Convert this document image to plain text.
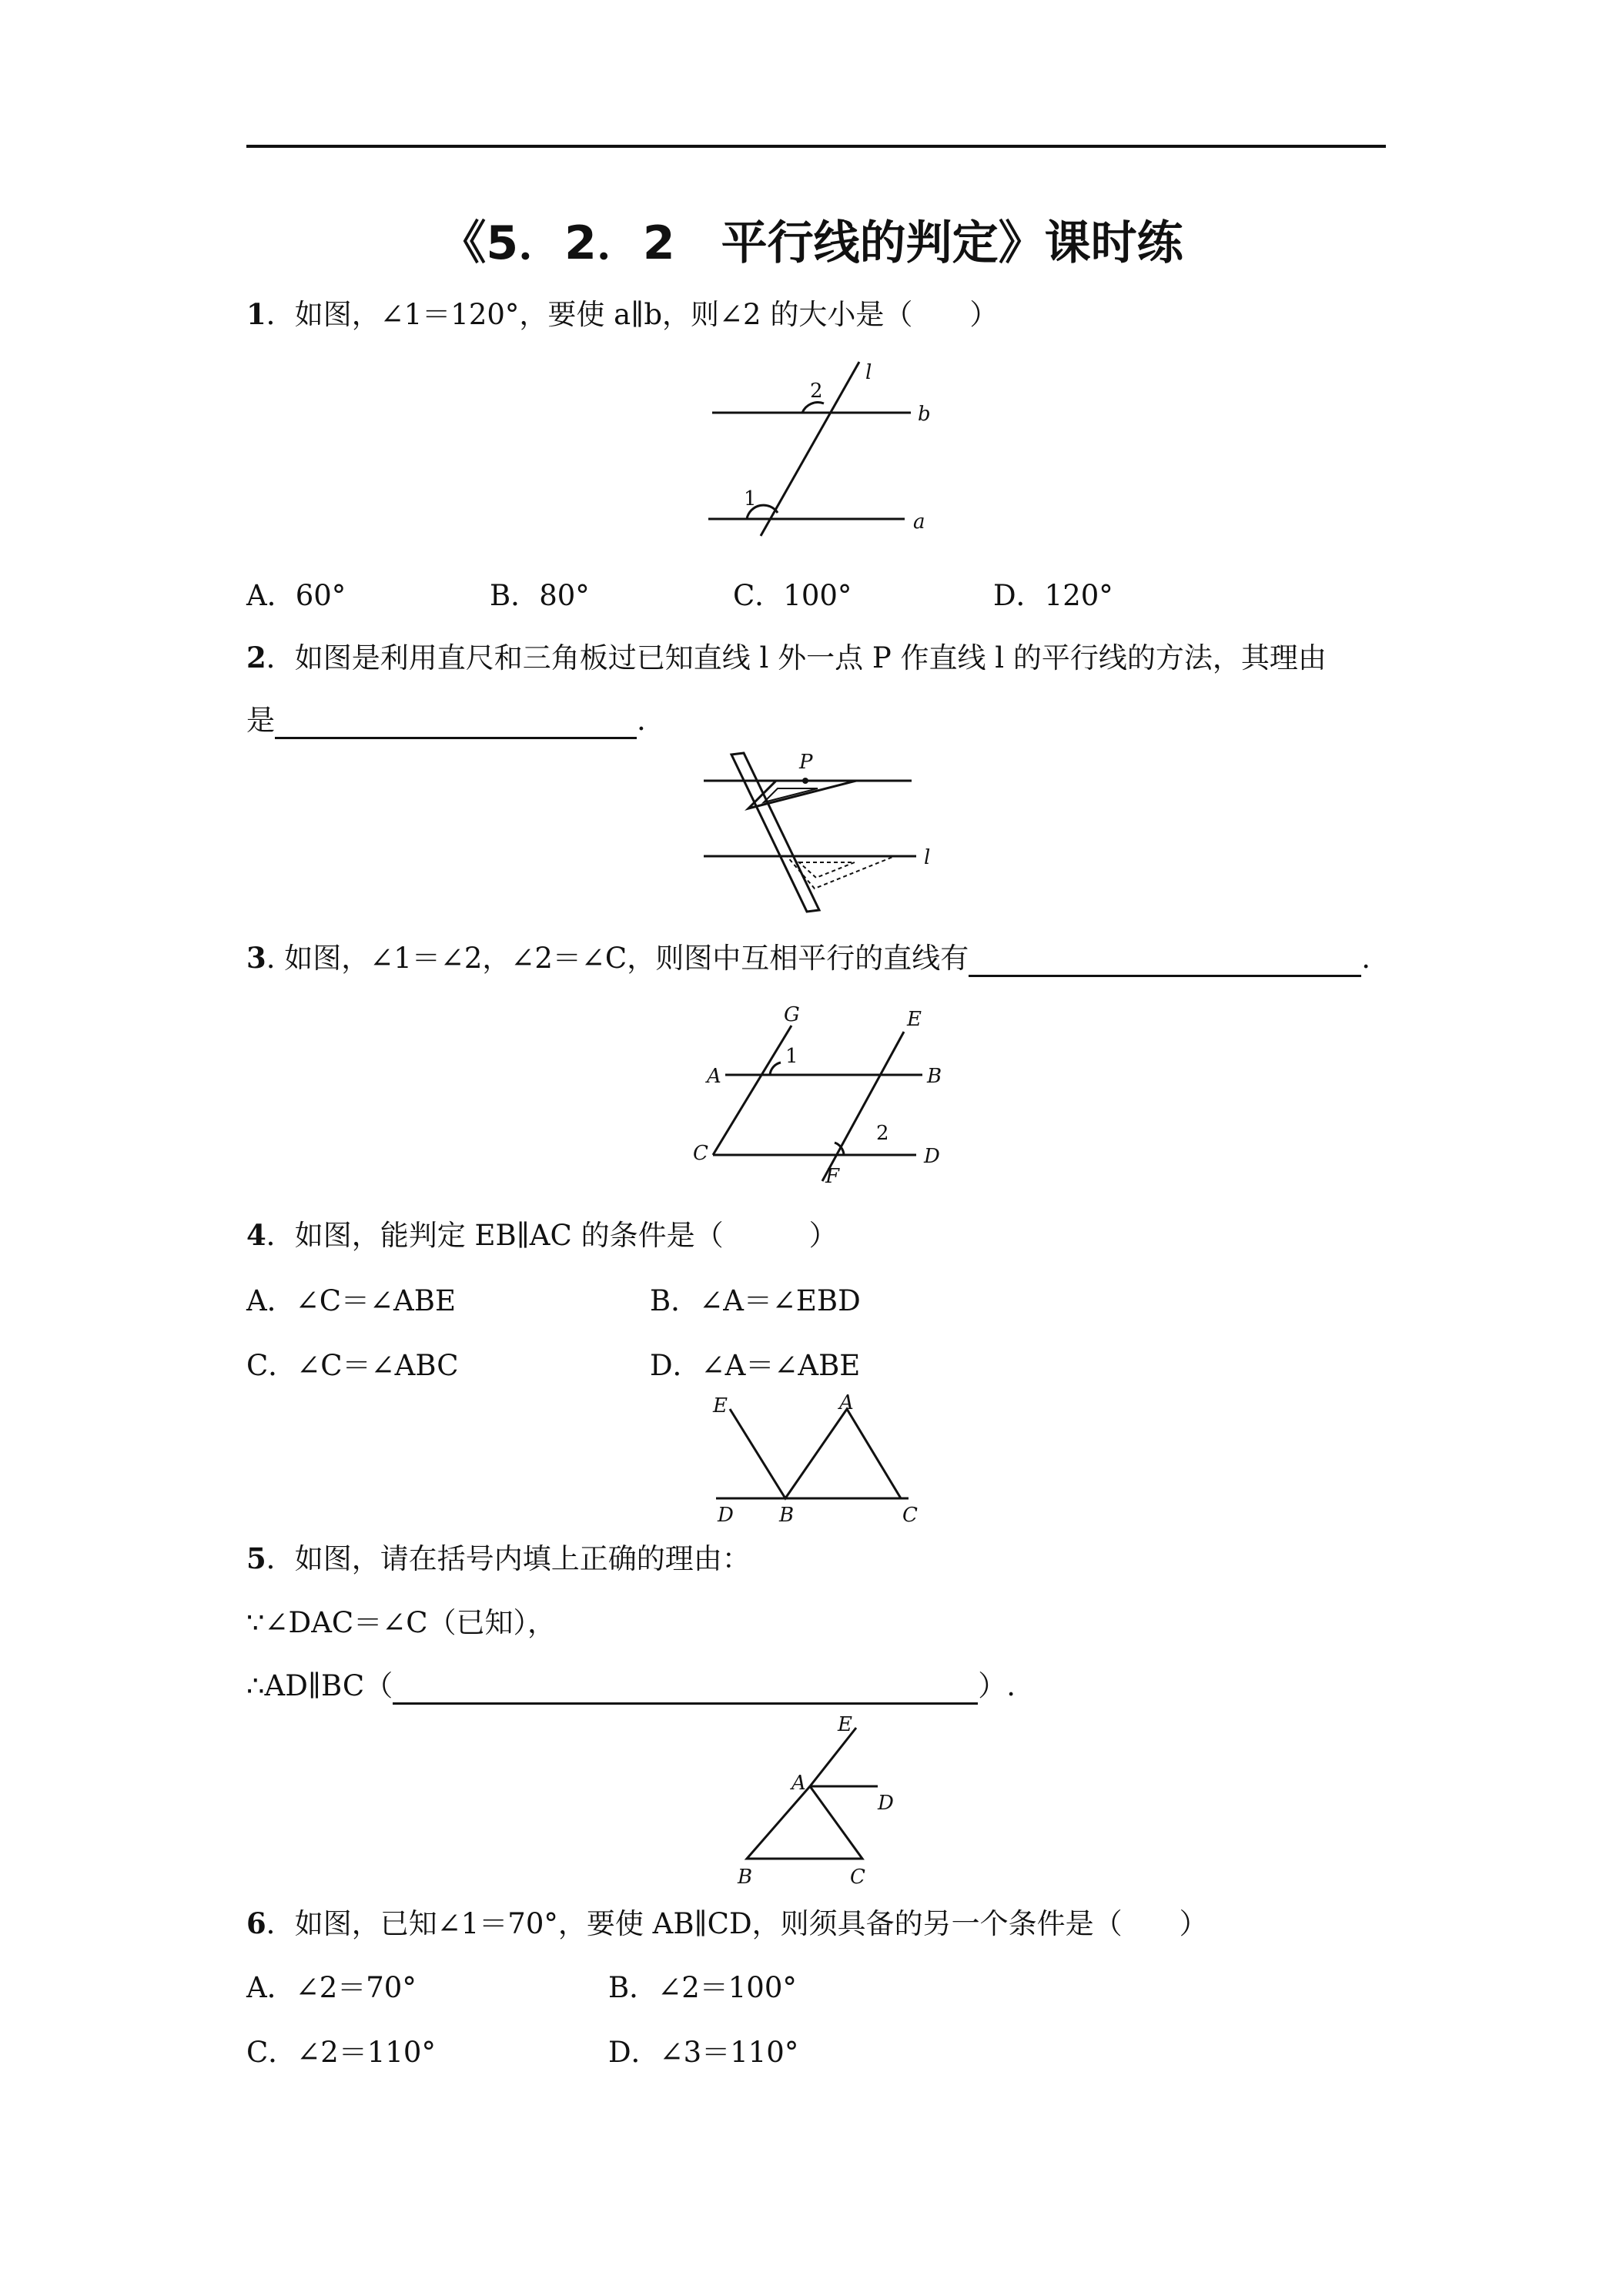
《5．2．2　平行线的判定》课时练
1．如图，∠1＝120°，要使 a∥b，则∠2 的大小是（　　）
l
b
a
2
1
A．60°	B．80°	C．100°	D．120°
2．如图是利用直尺和三角板过已知直线 l 外一点 P 作直线 l 的平行线的方法，其理由
是	.
P
l
3. 如图，∠1＝∠2，∠2＝∠C，则图中互相平行的直线有	.
G	E
A	B
C	D
F
1
2
4．如图，能判定 EB∥AC 的条件是（　　　）
A．∠C＝∠ABE	B．∠A＝∠EBD
C．∠C＝∠ABC	D．∠A＝∠ABE
E	A
D B	C
5．如图，请在括号内填上正确的理由：
∵∠DAC＝∠C（已知），
∴AD∥BC（	）.
E
A
D
B	C
6．如图，已知∠1＝70°，要使 AB∥CD，则须具备的另一个条件是（　　）
A．∠2＝70°	B．∠2＝100°
C．∠2＝110°	D．∠3＝110°
